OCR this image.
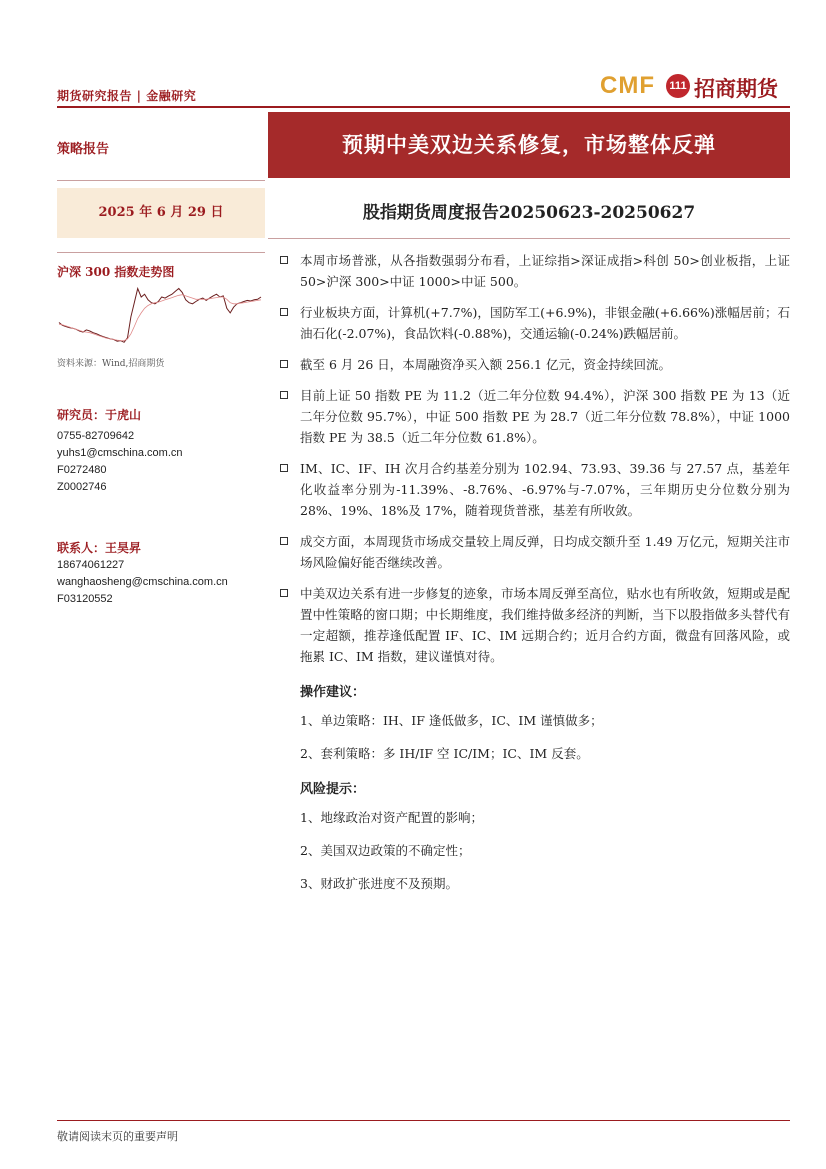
期货研究报告 | 金融研究	CMF	111 招商期货
策略报告	预期中美双边关系修复，市场整体反弹
2025 年 6 月 29 日	股指期货周度报告20250623-20250627
沪深 300 指数走势图
资料来源：Wind,招商期货
研究员：于虎山
0755-82709642
yuhs1@cmschina.com.cn
F0272480
Z0002746
联系人：王昊昇
18674061227
wanghaosheng@cmschina.com.cn
F03120552
本周市场普涨，从各指数强弱分布看，上证综指>深证成指>科创 50>创业板指，上证 50>沪深 300>中证 1000>中证 500。
行业板块方面，计算机(+7.7%)，国防军工(+6.9%)，非银金融(+6.66%)涨幅居前；石油石化(-2.07%)，食品饮料(-0.88%)，交通运输(-0.24%)跌幅居前。
截至 6 月 26 日，本周融资净买入额 256.1 亿元，资金持续回流。
目前上证 50 指数 PE 为 11.2（近二年分位数 94.4%），沪深 300 指数 PE 为 13（近二年分位数 95.7%），中证 500 指数 PE 为 28.7（近二年分位数 78.8%），中证 1000 指数 PE 为 38.5（近二年分位数 61.8%）。
IM、IC、IF、IH 次月合约基差分别为 102.94、73.93、39.36 与 27.57 点，基差年化收益率分别为-11.39%、-8.76%、-6.97%与-7.07%，三年期历史分位数分别为 28%、19%、18%及 17%，随着现货普涨，基差有所收敛。
成交方面，本周现货市场成交量较上周反弹，日均成交额升至 1.49 万亿元，短期关注市场风险偏好能否继续改善。
中美双边关系有进一步修复的迹象，市场本周反弹至高位，贴水也有所收敛，短期或是配置中性策略的窗口期；中长期维度，我们维持做多经济的判断，当下以股指做多头替代有一定超额，推荐逢低配置 IF、IC、IM 远期合约；近月合约方面，微盘有回落风险，或拖累 IC、IM 指数，建议谨慎对待。
操作建议：
1、单边策略：IH、IF 逢低做多，IC、IM 谨慎做多；
2、套利策略：多 IH/IF 空 IC/IM；IC、IM 反套。
风险提示：
1、地缘政治对资产配置的影响；
2、美国双边政策的不确定性；
3、财政扩张进度不及预期。
敬请阅读末页的重要声明
